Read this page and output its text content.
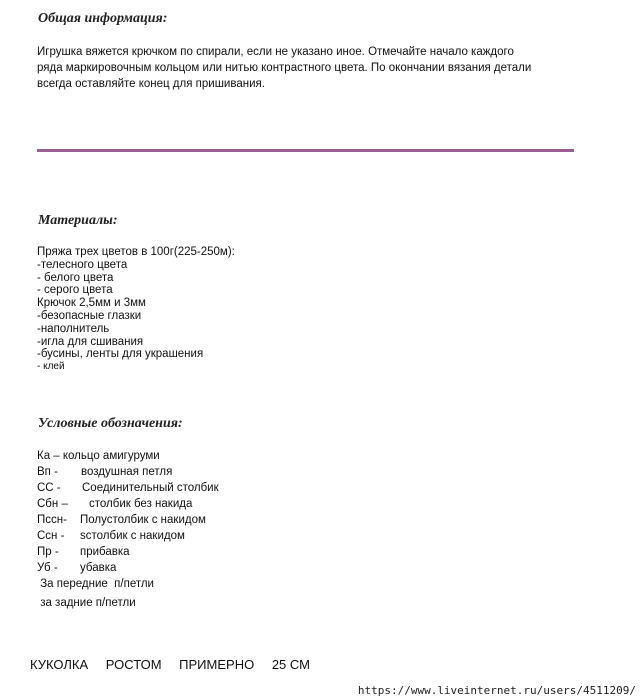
Общая информация:
Игрушка вяжется крючком по спирали, если не указано иное. Отмечайте начало каждого
ряда маркировочным кольцом или нитью контрастного цвета. По окончании вязания детали
всегда оставляйте конец для пришивания.
Материалы:
Пряжа трех цветов в 100г(225-250м):
-телесного цвета
- белого цвета
- серого цвета
Крючок 2,5мм и 3мм
-безопасные глазки
-наполнитель
-игла для сшивания
-бусины, ленты для украшения
- клей
Условные обозначения:
Ка – кольцо амигуруми
Вп - воздушная петля
СС - Соединительный столбик
Сбн – столбик без накида
Пссн- Полустолбик с накидом
Ссн - sстолбик с накидом
Пр - прибавка
Уб - убавка
За передние  п/петли
за задние п/петли
КУКОЛКА РОСТОМ ПРИМЕРНО 25 СМ
https://www.liveinternet.ru/users/4511209/
